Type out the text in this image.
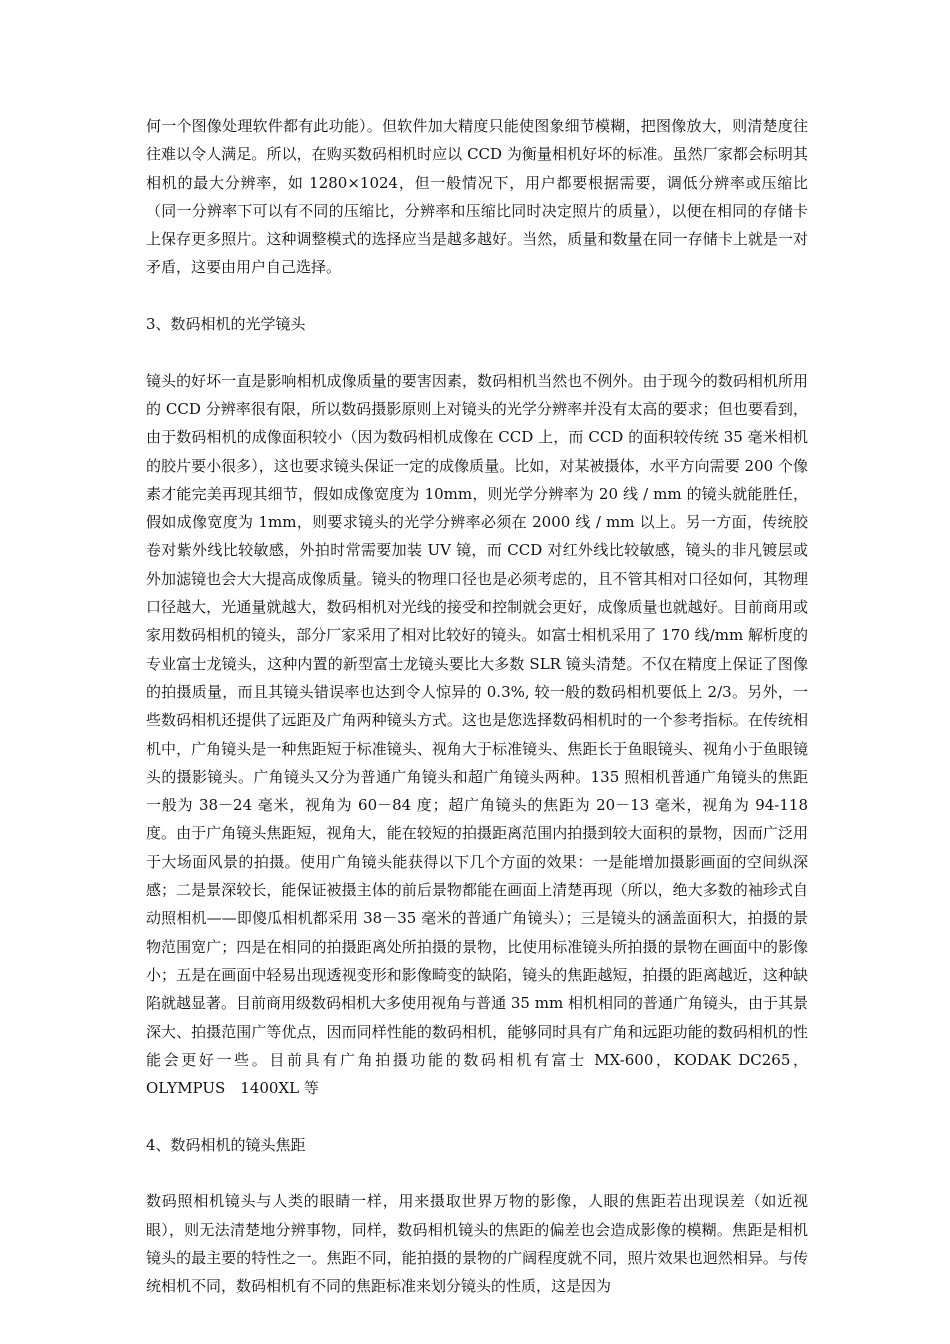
何一个图像处理软件都有此功能）。但软件加大精度只能使图象细节模糊，把图像放大，则清楚度往往难以令人满足。所以，在购买数码相机时应以 CCD 为衡量相机好坏的标准。虽然厂家都会标明其相机的最大分辨率，如 1280×1024，但一般情况下，用户都要根据需要，调低分辨率或压缩比（同一分辨率下可以有不同的压缩比，分辨率和压缩比同时决定照片的质量），以便在相同的存储卡上保存更多照片。这种调整模式的选择应当是越多越好。当然，质量和数量在同一存储卡上就是一对矛盾，这要由用户自己选择。

3、数码相机的光学镜头

镜头的好坏一直是影响相机成像质量的要害因素，数码相机当然也不例外。由于现今的数码相机所用的 CCD 分辨率很有限，所以数码摄影原则上对镜头的光学分辨率并没有太高的要求；但也要看到，由于数码相机的成像面积较小（因为数码相机成像在 CCD 上，而 CCD 的面积较传统 35 毫米相机的胶片要小很多），这也要求镜头保证一定的成像质量。比如，对某被摄体，水平方向需要 200 个像素才能完美再现其细节，假如成像宽度为 10mm，则光学分辨率为 20 线 / mm 的镜头就能胜任，假如成像宽度为 1mm，则要求镜头的光学分辨率必须在 2000 线 / mm 以上。另一方面，传统胶卷对紫外线比较敏感，外拍时常需要加装 UV 镜，而 CCD 对红外线比较敏感，镜头的非凡镀层或外加滤镜也会大大提高成像质量。镜头的物理口径也是必须考虑的，且不管其相对口径如何，其物理口径越大，光通量就越大，数码相机对光线的接受和控制就会更好，成像质量也就越好。目前商用或家用数码相机的镜头，部分厂家采用了相对比较好的镜头。如富士相机采用了 170 线/mm 解析度的专业富士龙镜头，这种内置的新型富士龙镜头要比大多数 SLR 镜头清楚。不仅在精度上保证了图像的拍摄质量，而且其镜头错误率也达到令人惊异的 0.3%, 较一般的数码相机要低上 2/3。另外，一些数码相机还提供了远距及广角两种镜头方式。这也是您选择数码相机时的一个参考指标。在传统相机中，广角镜头是一种焦距短于标准镜头、视角大于标准镜头、焦距长于鱼眼镜头、视角小于鱼眼镜头的摄影镜头。广角镜头又分为普通广角镜头和超广角镜头两种。135 照相机普通广角镜头的焦距一般为 38－24 毫米，视角为 60－84 度；超广角镜头的焦距为 20－13 毫米，视角为 94-118 度。由于广角镜头焦距短，视角大，能在较短的拍摄距离范围内拍摄到较大面积的景物，因而广泛用于大场面风景的拍摄。使用广角镜头能获得以下几个方面的效果：一是能增加摄影画面的空间纵深感；二是景深较长，能保证被摄主体的前后景物都能在画面上清楚再现（所以，绝大多数的袖珍式自动照相机——即傻瓜相机都采用 38－35 毫米的普通广角镜头）；三是镜头的涵盖面积大，拍摄的景物范围宽广；四是在相同的拍摄距离处所拍摄的景物，比使用标准镜头所拍摄的景物在画面中的影像小；五是在画面中轻易出现透视变形和影像畸变的缺陷，镜头的焦距越短，拍摄的距离越近，这种缺陷就越显著。目前商用级数码相机大多使用视角与普通 35 mm 相机相同的普通广角镜头，由于其景深大、拍摄范围广等优点，因而同样性能的数码相机，能够同时具有广角和远距功能的数码相机的性能会更好一些。目前具有广角拍摄功能的数码相机有富士 MX-600，KODAK DC265，OLYMPUS　1400XL 等

4、数码相机的镜头焦距

数码照相机镜头与人类的眼睛一样，用来摄取世界万物的影像，人眼的焦距若出现误差（如近视眼），则无法清楚地分辨事物，同样，数码相机镜头的焦距的偏差也会造成影像的模糊。焦距是相机镜头的最主要的特性之一。焦距不同，能拍摄的景物的广阔程度就不同，照片效果也迥然相异。与传统相机不同，数码相机有不同的焦距标准来划分镜头的性质，这是因为
